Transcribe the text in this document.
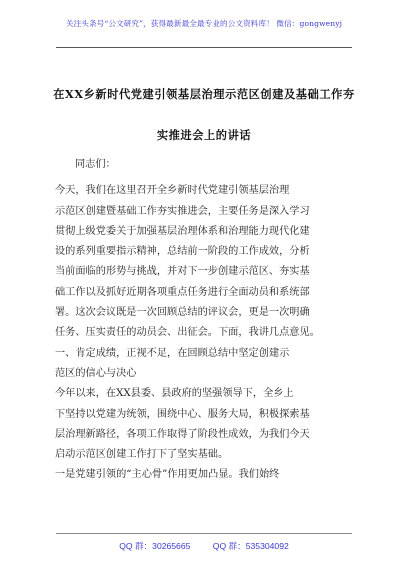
关注头条号“公文研究”，获得最新最全最专业的公文资料库！ 微信：gongwenyj
在XX乡新时代党建引领基层治理示范区创建及基础工作夯
实推进会上的讲话

同志们：

今天，我们在这里召开全乡新时代党建引领基层治理

示范区创建暨基础工作夯实推进会，主要任务是深入学习

贯彻上级党委关于加强基层治理体系和治理能力现代化建

设的系列重要指示精神，总结前一阶段的工作成效，分析

当前面临的形势与挑战，并对下一步创建示范区、夯实基

础工作以及抓好近期各项重点任务进行全面动员和系统部

署。这次会议既是一次回顾总结的评议会，更是一次明确

任务、压实责任的动员会、出征会。下面，我讲几点意见。

一、肯定成绩，正视不足，在回顾总结中坚定创建示

范区的信心与决心

今年以来，在XX县委、县政府的坚强领导下，全乡上

下坚持以党建为统领，围绕中心、服务大局，积极探索基

层治理新路径，各项工作取得了阶段性成效，为我们今天

启动示范区创建工作打下了坚实基础。

一是党建引领的“主心骨”作用更加凸显。我们始终

QQ 群：30265665	QQ 群：535304092
